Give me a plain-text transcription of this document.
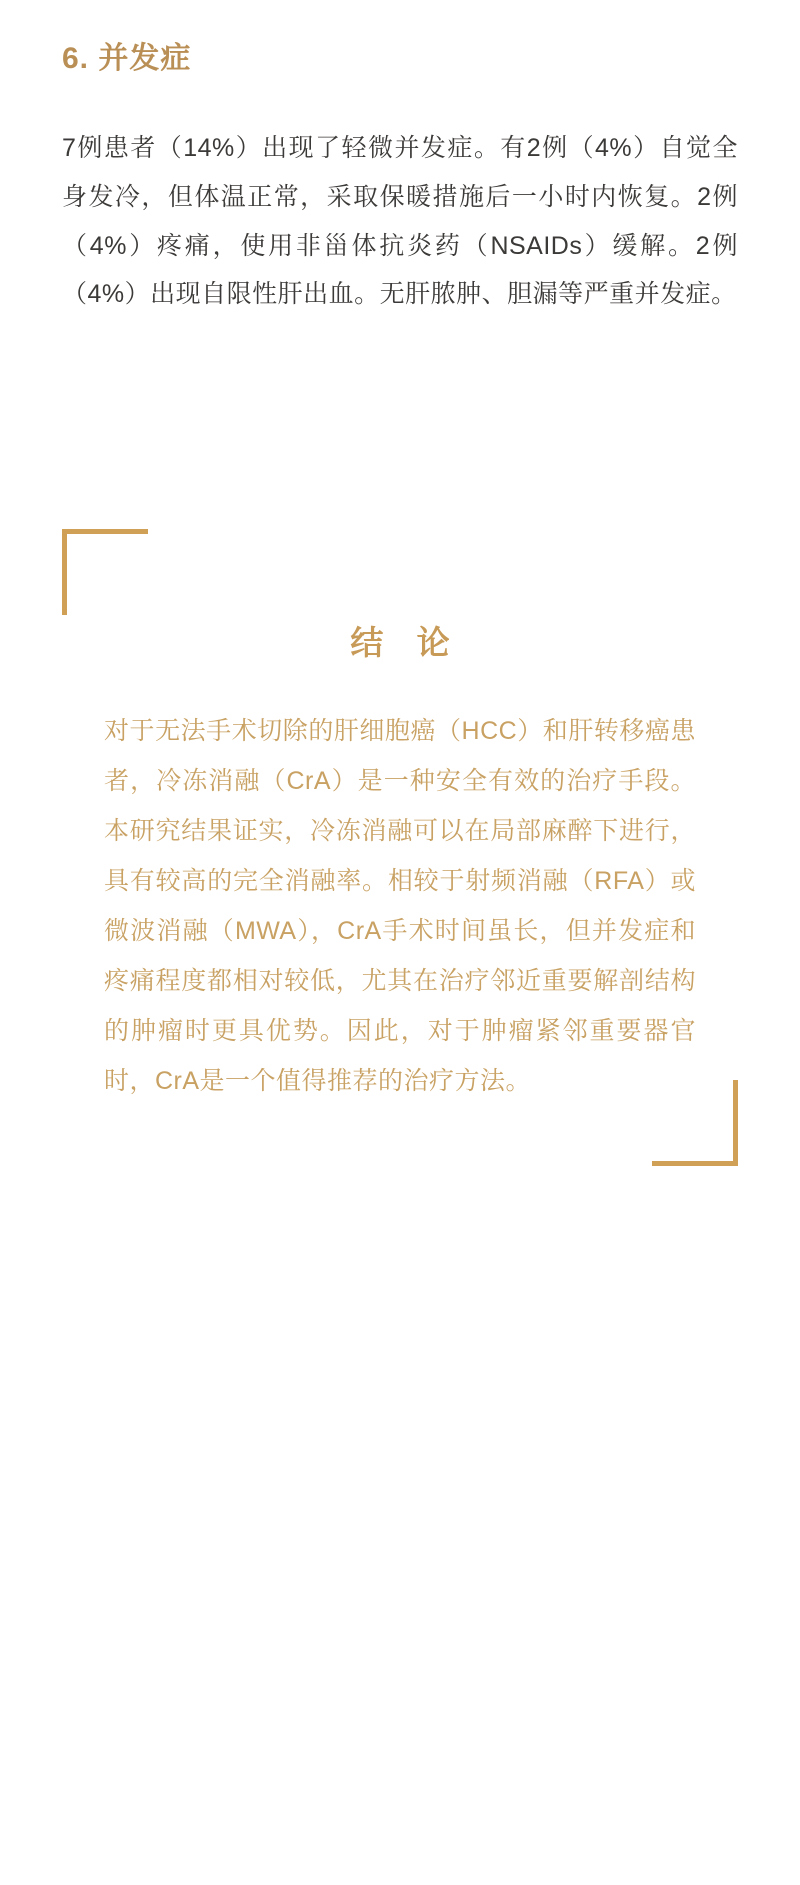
6. 并发症

7例患者（14%）出现了轻微并发症。有2例（4%）自觉全身发冷，但体温正常，采取保暖措施后一小时内恢复。2例（4%）疼痛，使用非甾体抗炎药（NSAIDs）缓解。2例（4%）出现自限性肝出血。无肝脓肿、胆漏等严重并发症。

结 论

对于无法手术切除的肝细胞癌（HCC）和肝转移癌患者，冷冻消融（CrA）是一种安全有效的治疗手段。本研究结果证实，冷冻消融可以在局部麻醉下进行，具有较高的完全消融率。相较于射频消融（RFA）或微波消融（MWA），CrA手术时间虽长，但并发症和疼痛程度都相对较低，尤其在治疗邻近重要解剖结构的肿瘤时更具优势。因此，对于肿瘤紧邻重要器官时，CrA是一个值得推荐的治疗方法。
